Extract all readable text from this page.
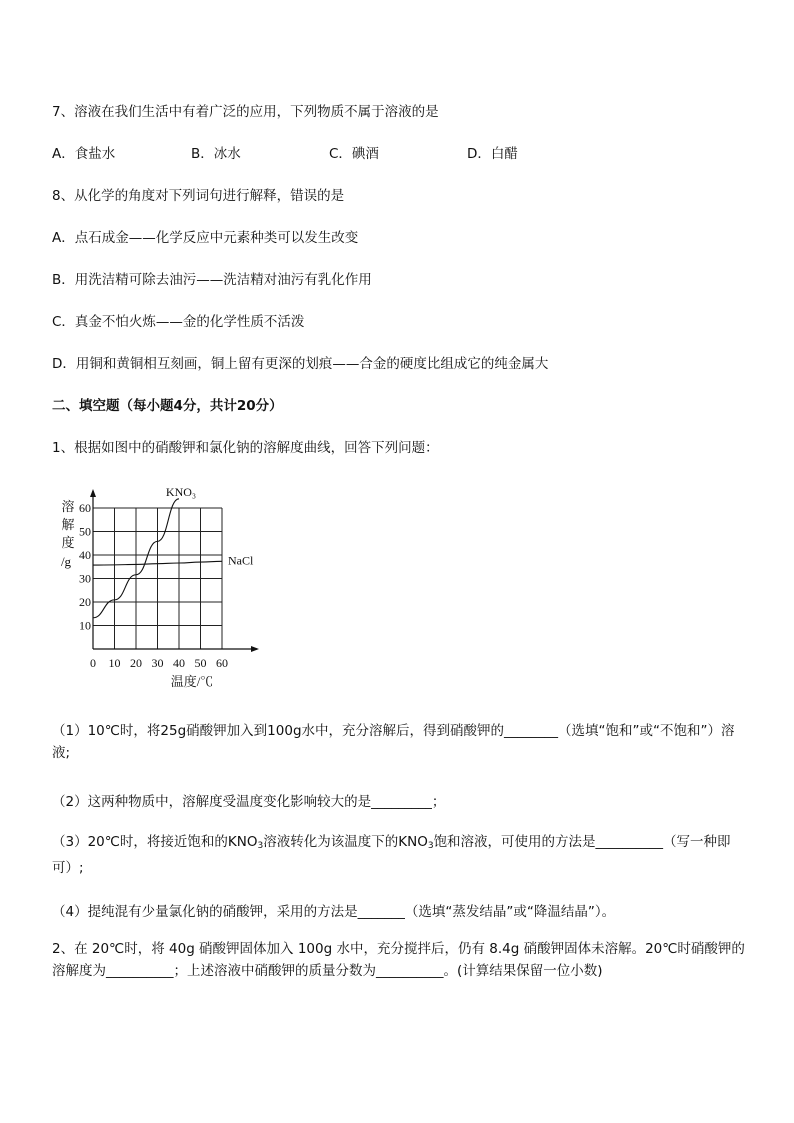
7、溶液在我们生活中有着广泛的应用，下列物质不属于溶液的是
A．食盐水	B．冰水	C．碘酒	D．白醋
8、从化学的角度对下列词句进行解释，错误的是
A．点石成金——化学反应中元素种类可以发生改变
B．用洗洁精可除去油污——洗洁精对油污有乳化作用
C．真金不怕火炼——金的化学性质不活泼
D．用铜和黄铜相互刻画，铜上留有更深的划痕——合金的硬度比组成它的纯金属大
二、填空题（每小题4分，共计20分）
1、根据如图中的硝酸钾和氯化钠的溶解度曲线，回答下列问题：
10
20
30
40
50
60
0 10 20 30 40 50 60
溶
解
度
/g
温度/℃
KNO₃
NaCl
（1）10℃时，将25g硝酸钾加入到100g水中，充分溶解后，得到硝酸钾的________（选填“饱和”或“不饱和”）溶液;
（2）这两种物质中，溶解度受温度变化影响较大的是_________；
（3）20℃时，将接近饱和的$KNO_3$溶液转化为该温度下的$KNO_3$饱和溶液，可使用的方法是__________（写一种即可）;
（4）提纯混有少量氯化钠的硝酸钾，采用的方法是_______（选填“蒸发结晶”或“降温结晶”）。
2、在 20℃时，将 40g 硝酸钾固体加入 100g 水中，充分搅拌后，仍有 8.4g 硝酸钾固体未溶解。20℃时硝酸钾的溶解度为__________；上述溶液中硝酸钾的质量分数为__________。(计算结果保留一位小数)
